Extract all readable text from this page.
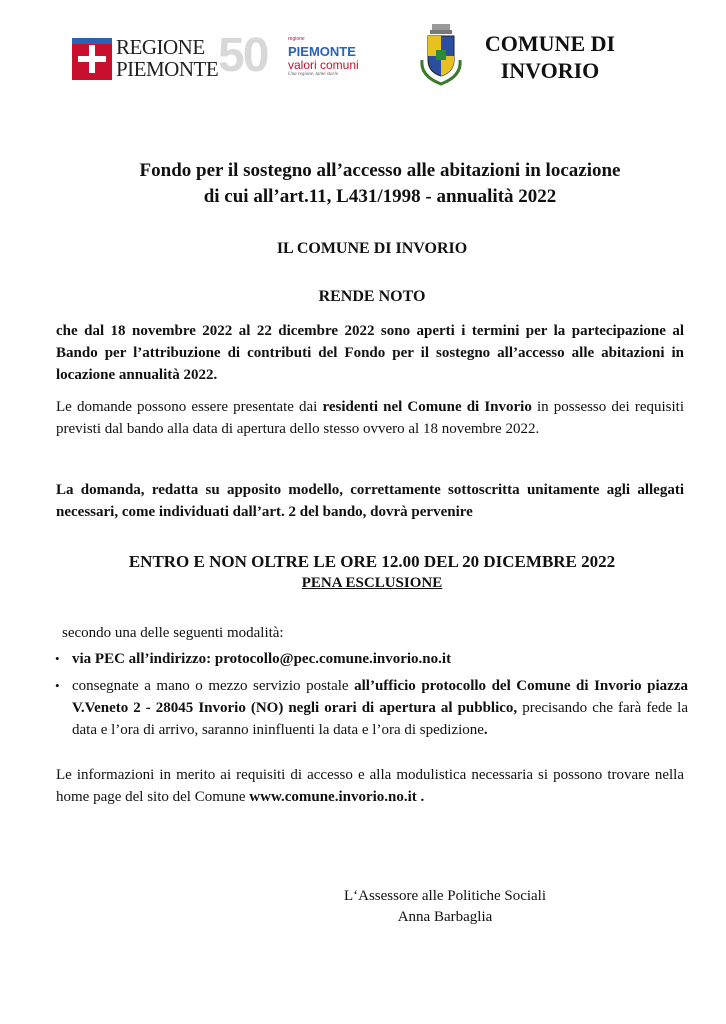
REGIONE
PIEMONTE 50	regione
PIEMONTE
valori comuni
Una regione, tante storie
COMUNE DI
INVORIO
Fondo per il sostegno all’accesso alle abitazioni in locazione
di cui all’art.11, L431/1998 - annualità 2022
IL COMUNE DI INVORIO
RENDE NOTO
che dal 18 novembre 2022 al 22 dicembre 2022 sono aperti i termini per la partecipazione al Bando per l’attribuzione di contributi del Fondo per il sostegno all’accesso alle abitazioni in locazione annualità 2022.
Le domande possono essere presentate dai residenti nel Comune di Invorio in possesso dei requisiti previsti dal bando alla data di apertura dello stesso ovvero al 18 novembre 2022.
La domanda, redatta su apposito modello, correttamente sottoscritta unitamente agli allegati necessari, come individuati dall’art. 2 del bando, dovrà pervenire
ENTRO E NON OLTRE LE ORE 12.00 DEL 20 DICEMBRE 2022
PENA ESCLUSIONE
secondo una delle seguenti modalità:
• via PEC all’indirizzo: protocollo@pec.comune.invorio.no.it
• consegnate a mano o mezzo servizio postale all’ufficio protocollo del Comune di Invorio piazza V.Veneto 2 - 28045 Invorio (NO) negli orari di apertura al pubblico, precisando che farà fede la data e l’ora di arrivo, saranno ininfluenti la data e l’ora di spedizione.
Le informazioni in merito ai requisiti di accesso e alla modulistica necessaria si possono trovare nella home page del sito del Comune www.comune.invorio.no.it .
L‘Assessore alle Politiche Sociali
Anna Barbaglia
